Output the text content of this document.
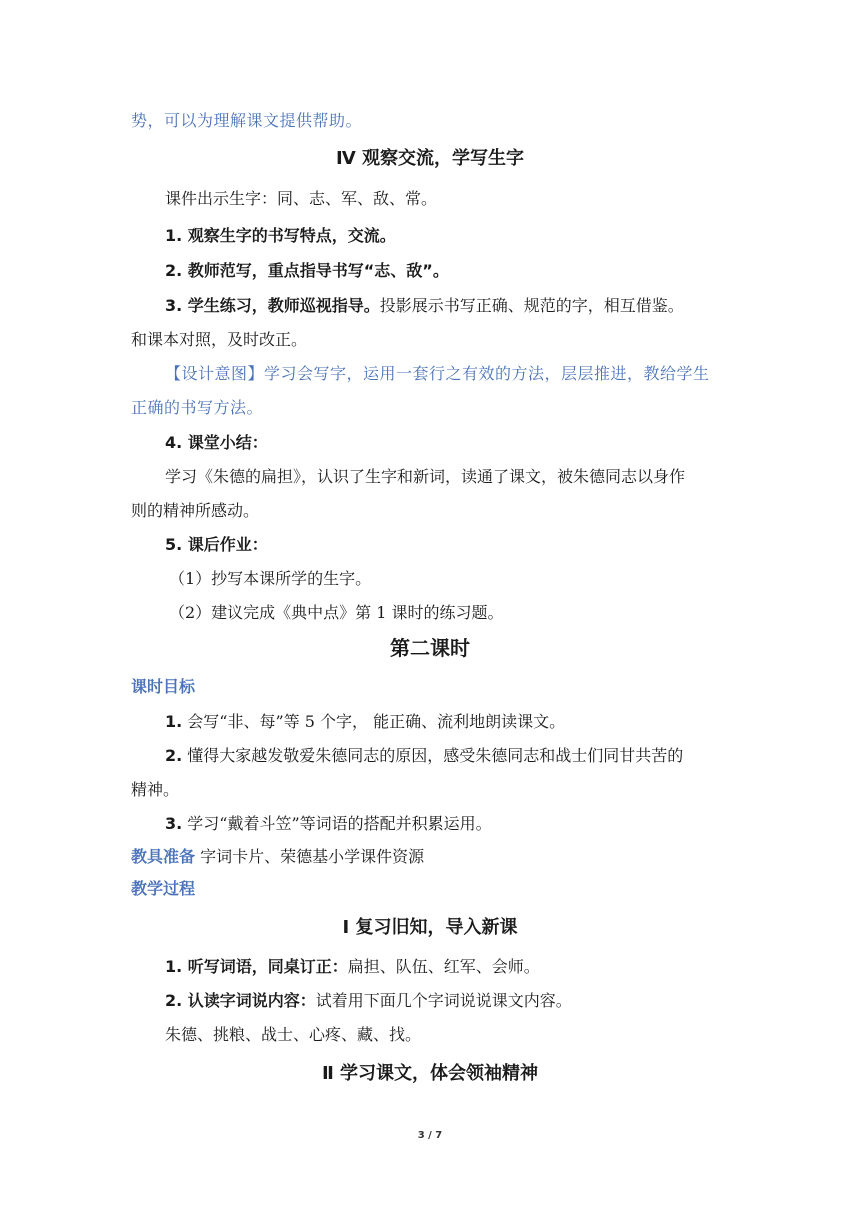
势，可以为理解课文提供帮助。
Ⅳ 观察交流，学写生字
课件出示生字：同、志、军、敌、常。
1. 观察生字的书写特点，交流。
2. 教师范写，重点指导书写“志、敌”。
3. 学生练习，教师巡视指导。投影展示书写正确、规范的字，相互借鉴。
和课本对照，及时改正。
【设计意图】学习会写字，运用一套行之有效的方法，层层推进，教给学生
正确的书写方法。
4. 课堂小结：
学习《朱德的扁担》，认识了生字和新词，读通了课文，被朱德同志以身作
则的精神所感动。
5. 课后作业：
（1）抄写本课所学的生字。
（2）建议完成《典中点》第 1 课时的练习题。
第二课时
课时目标
1. 会写“非、每”等 5 个字， 能正确、流利地朗读课文。
2. 懂得大家越发敬爱朱德同志的原因，感受朱德同志和战士们同甘共苦的
精神。
3. 学习“戴着斗笠”等词语的搭配并积累运用。
教具准备 字词卡片、荣德基小学课件资源
教学过程
Ⅰ 复习旧知，导入新课
1. 听写词语，同桌订正：扁担、队伍、红军、会师。
2. 认读字词说内容：试着用下面几个字词说说课文内容。
朱德、挑粮、战士、心疼、藏、找。
Ⅱ 学习课文，体会领袖精神
3 / 7
